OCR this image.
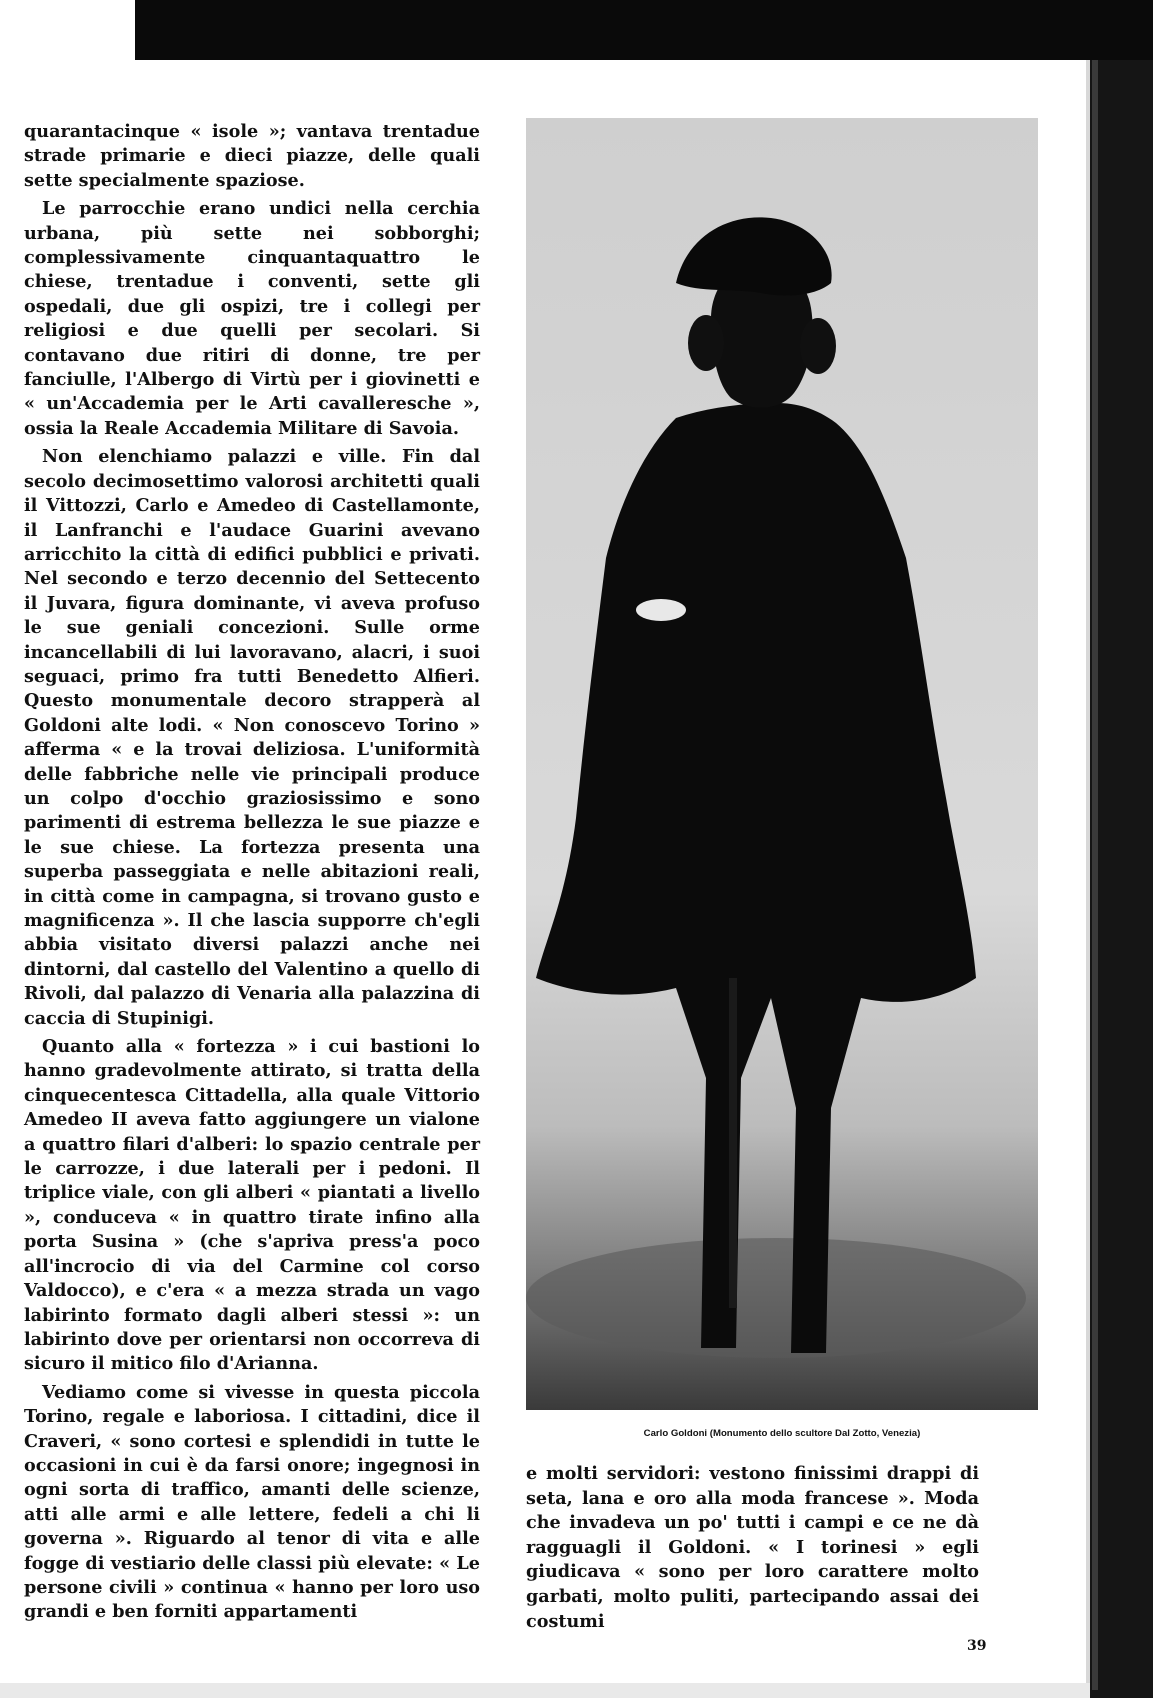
quarantacinque « isole »; vantava trentadue strade primarie e dieci piazze, delle quali sette specialmente spaziose.

Le parrocchie erano undici nella cerchia urbana, più sette nei sobborghi; complessivamente cinquantaquattro le chiese, trentadue i conventi, sette gli ospedali, due gli ospizi, tre i collegi per religiosi e due quelli per secolari. Si contavano due ritiri di donne, tre per fanciulle, l'Albergo di Virtù per i giovinetti e « un'Accademia per le Arti cavalleresche », ossia la Reale Accademia Militare di Savoia.

Non elenchiamo palazzi e ville. Fin dal secolo decimosettimo valorosi architetti quali il Vittozzi, Carlo e Amedeo di Castellamonte, il Lanfranchi e l'audace Guarini avevano arricchito la città di edifici pubblici e privati. Nel secondo e terzo decennio del Settecento il Juvara, figura dominante, vi aveva profuso le sue geniali concezioni. Sulle orme incancellabili di lui lavoravano, alacri, i suoi seguaci, primo fra tutti Benedetto Alfieri. Questo monumentale decoro strapperà al Goldoni alte lodi. « Non conoscevo Torino » afferma « e la trovai deliziosa. L'uniformità delle fabbriche nelle vie principali produce un colpo d'occhio graziosissimo e sono parimenti di estrema bellezza le sue piazze e le sue chiese. La fortezza presenta una superba passeggiata e nelle abitazioni reali, in città come in campagna, si trovano gusto e magnificenza ». Il che lascia supporre ch'egli abbia visitato diversi palazzi anche nei dintorni, dal castello del Valentino a quello di Rivoli, dal palazzo di Venaria alla palazzina di caccia di Stupinigi.

Quanto alla « fortezza » i cui bastioni lo hanno gradevolmente attirato, si tratta della cinquecentesca Cittadella, alla quale Vittorio Amedeo II aveva fatto aggiungere un vialone a quattro filari d'alberi: lo spazio centrale per le carrozze, i due laterali per i pedoni. Il triplice viale, con gli alberi « piantati a livello », conduceva « in quattro tirate infino alla porta Susina » (che s'apriva press'a poco all'incrocio di via del Carmine col corso Valdocco), e c'era « a mezza strada un vago labirinto formato dagli alberi stessi »: un labirinto dove per orientarsi non occorreva di sicuro il mitico filo d'Arianna.

Vediamo come si vivesse in questa piccola Torino, regale e laboriosa. I cittadini, dice il Craveri, « sono cortesi e splendidi in tutte le occasioni in cui è da farsi onore; ingegnosi in ogni sorta di traffico, amanti delle scienze, atti alle armi e alle lettere, fedeli a chi li governa ». Riguardo al tenor di vita e alle fogge di vestiario delle classi più elevate: « Le persone civili » continua « hanno per loro uso grandi e ben forniti appartamenti

Carlo Goldoni (Monumento dello scultore Dal Zotto, Venezia)

e molti servidori: vestono finissimi drappi di seta, lana e oro alla moda francese ». Moda che invadeva un po' tutti i campi e ce ne dà ragguagli il Goldoni. « I torinesi » egli giudicava « sono per loro carattere molto garbati, molto puliti, partecipando assai dei costumi

39
